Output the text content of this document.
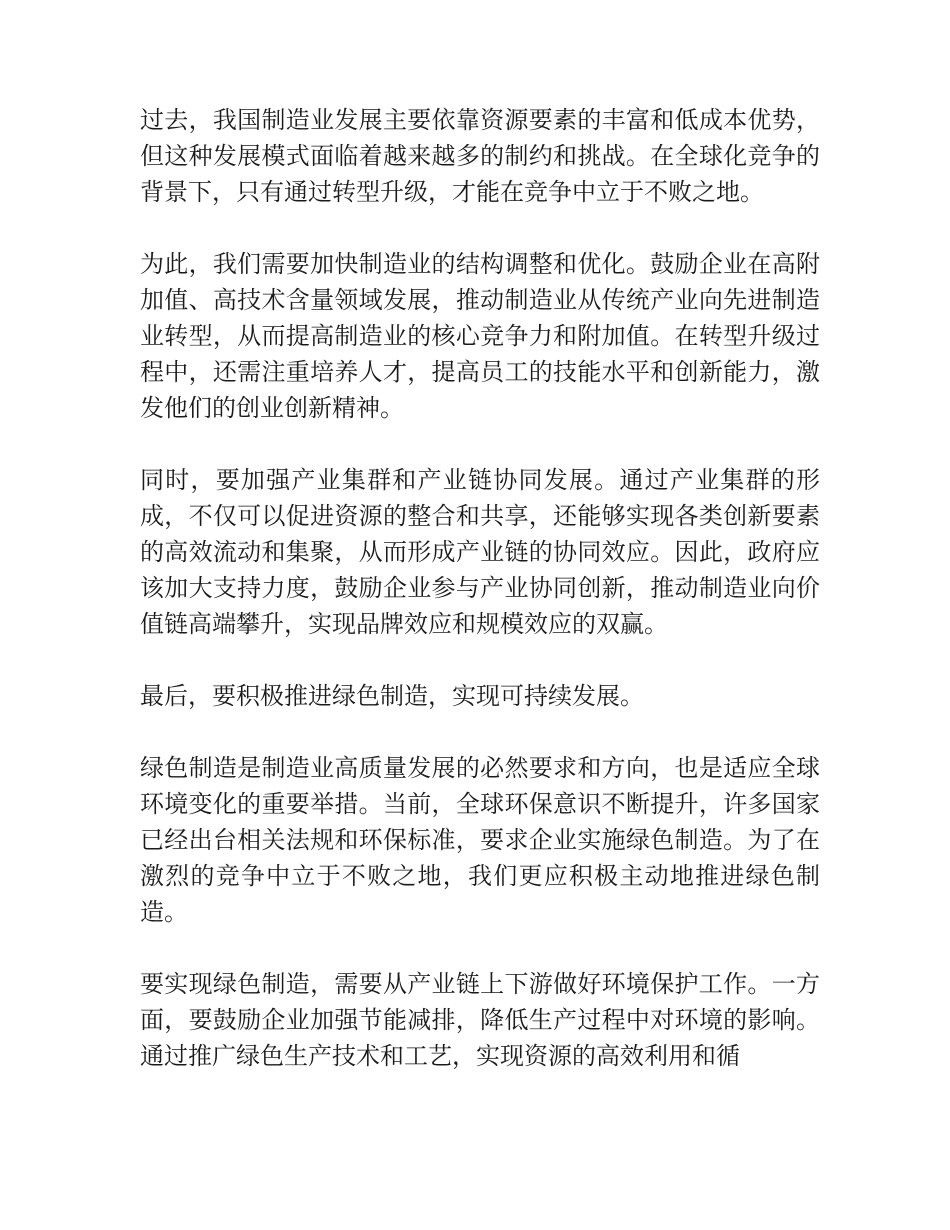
过去，我国制造业发展主要依靠资源要素的丰富和低成本优势，但这种发展模式面临着越来越多的制约和挑战。在全球化竞争的背景下，只有通过转型升级，才能在竞争中立于不败之地。

为此，我们需要加快制造业的结构调整和优化。鼓励企业在高附加值、高技术含量领域发展，推动制造业从传统产业向先进制造业转型，从而提高制造业的核心竞争力和附加值。在转型升级过程中，还需注重培养人才，提高员工的技能水平和创新能力，激发他们的创业创新精神。

同时，要加强产业集群和产业链协同发展。通过产业集群的形成，不仅可以促进资源的整合和共享，还能够实现各类创新要素的高效流动和集聚，从而形成产业链的协同效应。因此，政府应该加大支持力度，鼓励企业参与产业协同创新，推动制造业向价值链高端攀升，实现品牌效应和规模效应的双赢。

最后，要积极推进绿色制造，实现可持续发展。

绿色制造是制造业高质量发展的必然要求和方向，也是适应全球环境变化的重要举措。当前，全球环保意识不断提升，许多国家已经出台相关法规和环保标准，要求企业实施绿色制造。为了在激烈的竞争中立于不败之地，我们更应积极主动地推进绿色制造。

要实现绿色制造，需要从产业链上下游做好环境保护工作。一方面，要鼓励企业加强节能减排，降低生产过程中对环境的影响。通过推广绿色生产技术和工艺，实现资源的高效利用和循
